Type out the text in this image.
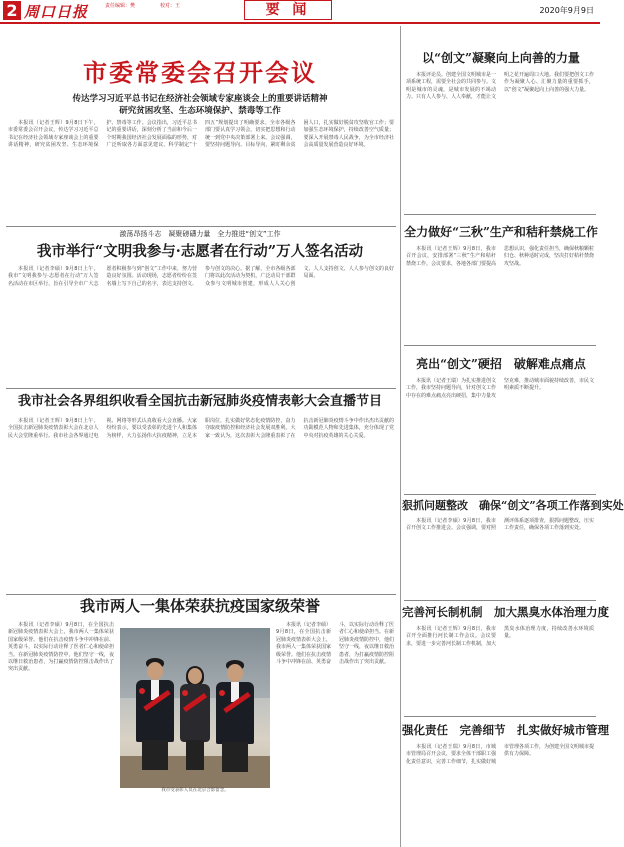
2 周口日报	责任编辑：樊	校对：王	要 闻	2020年9月9日
市委常委会召开会议
传达学习习近平总书记在经济社会领域专家座谈会上的重要讲话精神
研究贫困攻坚、生态环境保护、禁毒等工作

本报讯（记者王辉）9月8日下午，市委常委会召开会议，传达学习习近平总书记在经济社会领域专家座谈会上的重要讲话精神，研究贫困攻坚、生态环境保护、禁毒等工作。会议指出，习近平总书记的重要讲话，深刻分析了当前和今后一个时期我国经济社会发展面临的形势，对广泛听取各方面意见建议、科学制定“十四五”规划提出了明确要求。全市各级各部门要认真学习领会，切实把思想和行动统一到党中央决策部署上来。会议强调，要坚持问题导向、目标导向，紧盯剩余贫困人口，扎实做好脱贫攻坚收官工作；要加强生态环境保护，持续改善空气质量；要深入开展禁毒人民战争，为全市经济社会高质量发展营造良好环境。

激荡昂扬斗志　凝聚磅礴力量　全力推进“创文”工作
我市举行“文明我参与·志愿者在行动”万人签名活动

本报讯（记者李硕）9月8日上午，我市“文明我参与·志愿者在行动”万人签名活动在市区举行，旨在引导全市广大志愿者积极参与到“创文”工作中来，努力营造良好氛围。活动现场，志愿者纷纷在签名墙上写下自己的名字，表达支持创文、参与创文的决心。据了解，全市各级各部门将以此次活动为契机，广泛动员干部群众参与文明城市创建，形成人人关心创文、人人支持创文、人人参与创文的良好局面。

我市社会各界组织收看全国抗击新冠肺炎疫情表彰大会直播节目

本报讯（记者王辉）9月8日上午，全国抗击新冠肺炎疫情表彰大会在北京人民大会堂隆重举行。我市社会各界通过电视、网络等形式认真收看大会直播。大家纷纷表示，要以受表彰的先进个人和集体为榜样，大力弘扬伟大抗疫精神，立足本职岗位，扎实做好常态化疫情防控，奋力夺取疫情防控和经济社会发展双胜利。大家一致认为，这次表彰大会隆重表彰了在抗击新冠肺炎疫情斗争中作出杰出贡献的功勋模范人物和先进集体，充分体现了党中央对抗疫英雄的关心关爱。

我市两人一集体荣获抗疫国家级荣誉

本报讯（记者李硕）9月8日，在全国抗击新冠肺炎疫情表彰大会上，我市两人一集体荣获国家级荣誉。他们在抗击疫情斗争中冲锋在前、英勇奋斗，以实际行动诠释了医者仁心和使命担当。在新冠肺炎疫情防控中，他们坚守一线，夜以继日救治患者，为打赢疫情防控阻击战作出了突出贡献。

我市受表彰人员在北京合影留念。

本报讯（记者李硕）9月8日，在全国抗击新冠肺炎疫情表彰大会上，我市两人一集体荣获国家级荣誉。他们在抗击疫情斗争中冲锋在前、英勇奋斗，以实际行动诠释了医者仁心和使命担当。在新冠肺炎疫情防控中，他们坚守一线，夜以继日救治患者，为打赢疫情防控阻击战作出了突出贡献。

以“创文”凝聚向上向善的力量

本报评论员。创建全国文明城市是一项系统工程，需要全社会的共同参与。文明是城市的灵魂，是城市发展的不竭动力。只有人人参与、人人奉献，才能让文明之花开遍周口大地。我们要把创文工作作为凝聚人心、汇聚力量的重要抓手，以“创文”凝聚起向上向善的强大力量。

全力做好“三秋”生产和秸秆禁烧工作

本报讯（记者王辉）9月8日，我市召开会议，安排部署“三秋”生产和秸秆禁烧工作。会议要求，各地各部门要提高思想认识，强化责任担当，确保秋粮颗粒归仓、秋种适时完成，坚决打好秸秆禁烧攻坚战。

亮出“创文”硬招　破解难点痛点

本报讯（记者王瑞）为扎实推进创文工作，我市坚持问题导向，针对创文工作中存在的难点痛点亮出硬招，集中力量攻坚克难，推动城市面貌持续改善，市民文明素质不断提升。

狠抓问题整改　确保“创文”各项工作落到实处

本报讯（记者李硕）9月8日，我市召开创文工作推进会。会议强调，要对照测评体系逐项排查，狠抓问题整改，压实工作责任，确保各项工作落到实处。

完善河长制机制　加大黑臭水体治理力度

本报讯（记者王辉）9月8日，我市召开全面推行河长制工作会议。会议要求，要进一步完善河长制工作机制，加大黑臭水体治理力度，持续改善水环境质量。

强化责任　完善细节　扎实做好城市管理

本报讯（记者王瑞）9月8日，市城市管理局召开会议，要求全体干部职工强化责任意识，完善工作细节，扎实做好城市管理各项工作，为创建全国文明城市提供有力保障。
